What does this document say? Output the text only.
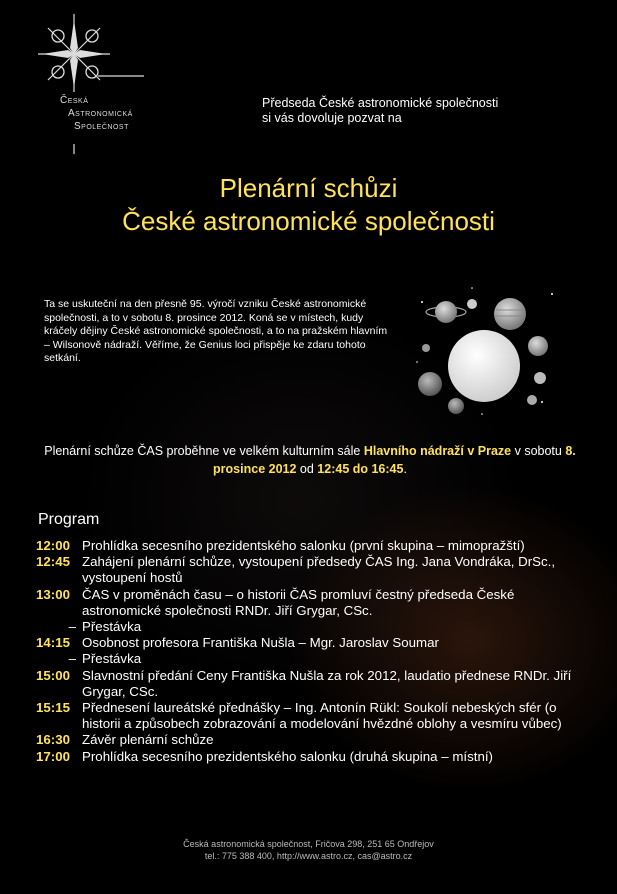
Česká
Astronomická
Společnost
Předseda České astronomické společnosti
si vás dovoluje pozvat na
Plenární schůzi
České astronomické společnosti
Ta se uskuteční na den přesně 95. výročí vzniku České astronomické společnosti, a to v sobotu 8. prosince 2012. Koná se v místech, kudy kráčely dějiny České astronomické společnosti, a to na pražském hlavním – Wilsonově nádraží. Věříme, že Genius loci přispěje ke zdaru tohoto setkání.
Plenární schůze ČAS proběhne ve velkém kulturním sále Hlavního nádraží v Praze v sobotu 8. prosince 2012 od 12:45 do 16:45.
Program
12:00 Prohlídka secesního prezidentského salonku (první skupina – mimopražští)
12:45 Zahájení plenární schůze, vystoupení předsedy ČAS Ing. Jana Vondráka, DrSc., vystoupení hostů
13:00 ČAS v proměnách času – o historii ČAS promluví čestný předseda České astronomické společnosti RNDr. Jiří Grygar, CSc.
– Přestávka
14:15 Osobnost profesora Františka Nušla – Mgr. Jaroslav Soumar
– Přestávka
15:00 Slavnostní předání Ceny Františka Nušla za rok 2012, laudatio přednese RNDr. Jiří Grygar, CSc.
15:15 Přednesení laureátské přednášky – Ing. Antonín Rükl: Soukolí nebeských sfér (o historii a způsobech zobrazování a modelování hvězdné oblohy a vesmíru vůbec)
16:30 Závěr plenární schůze
17:00 Prohlídka secesního prezidentského salonku (druhá skupina – místní)
Česká astronomická společnost, Fričova 298, 251 65 Ondřejov
tel.: 775 388 400, http://www.astro.cz, cas@astro.cz
